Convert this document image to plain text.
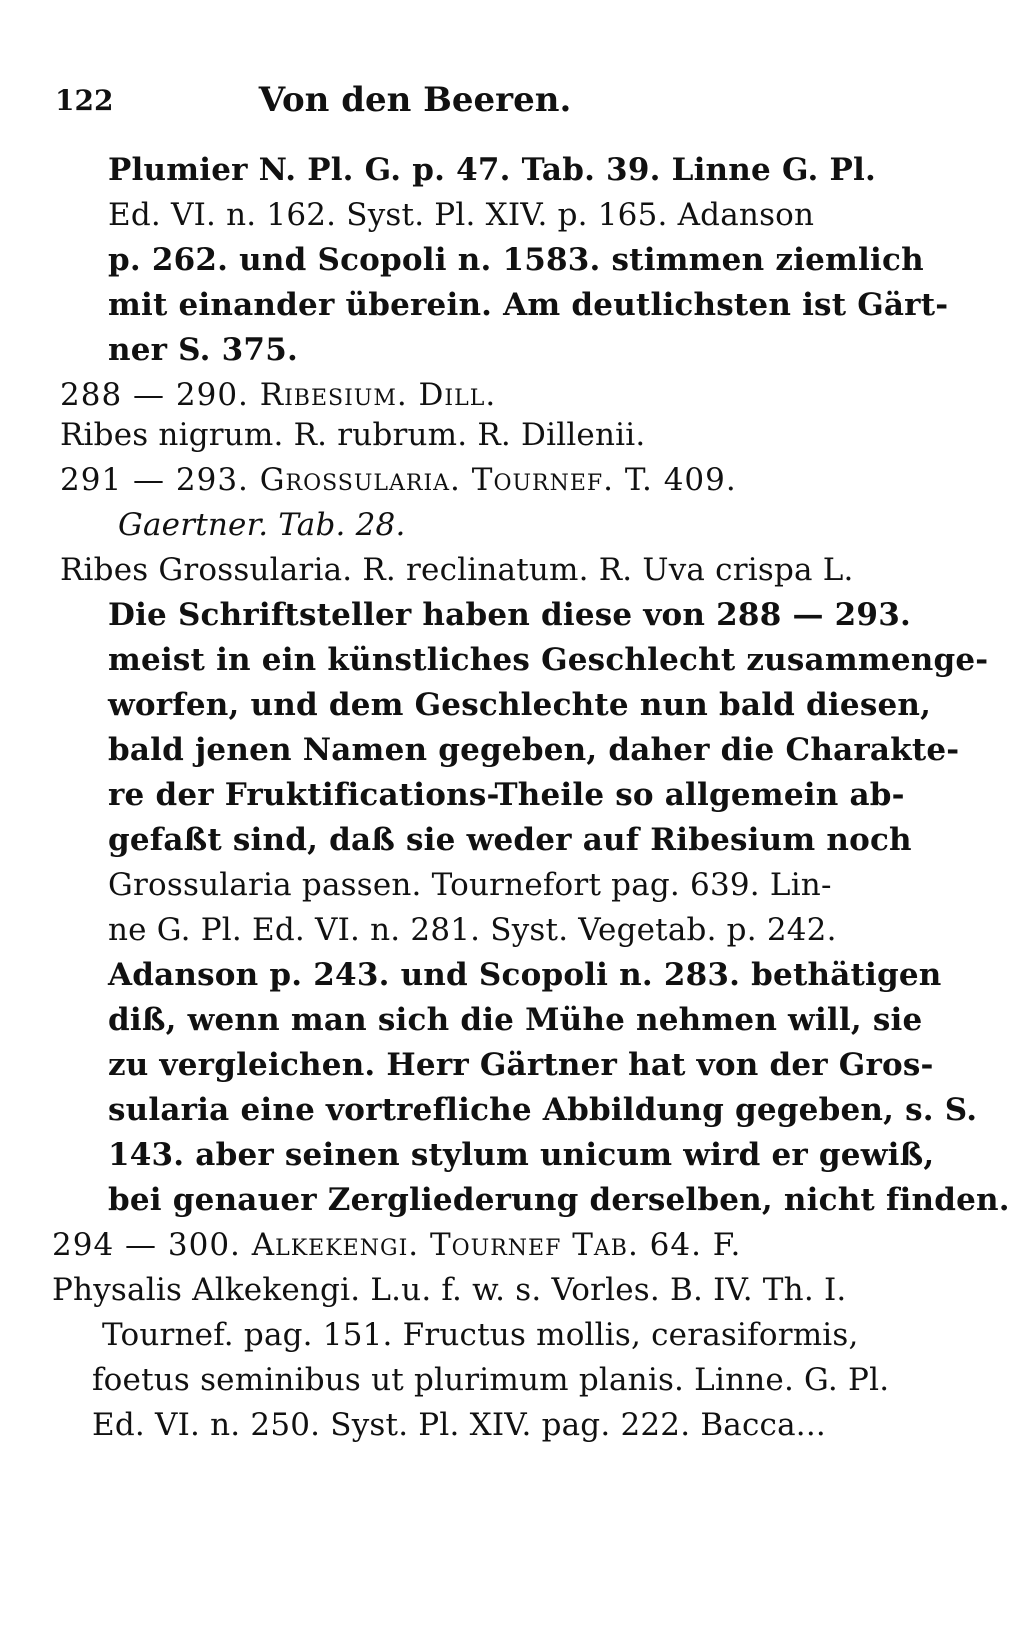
122	Von den Beeren.
Plumier N. Pl. G. p. 47. Tab. 39. Linne G. Pl.
Ed. VI. n. 162. Syst. Pl. XIV. p. 165. Adanson
p. 262. und Scopoli n. 1583. stimmen ziemlich
mit einander überein. Am deutlichsten ist Gärt-
ner S. 375.
288 — 290. Ribesium. Dill.
Ribes nigrum. R. rubrum. R. Dillenii.
291 — 293. Grossularia. Tournef. T. 409.
Gaertner. Tab. 28.
Ribes Grossularia. R. reclinatum. R. Uva crispa L.
Die Schriftsteller haben diese von 288 — 293.
meist in ein künstliches Geschlecht zusammenge-
worfen, und dem Geschlechte nun bald diesen,
bald jenen Namen gegeben, daher die Charakte-
re der Fruktifications-Theile so allgemein ab-
gefaßt sind, daß sie weder auf Ribesium noch
Grossularia passen. Tournefort pag. 639. Lin-
ne G. Pl. Ed. VI. n. 281. Syst. Vegetab. p. 242.
Adanson p. 243. und Scopoli n. 283. bethätigen
diß, wenn man sich die Mühe nehmen will, sie
zu vergleichen. Herr Gärtner hat von der Gros-
sularia eine vortrefliche Abbildung gegeben, s. S.
143. aber seinen stylum unicum wird er gewiß,
bei genauer Zergliederung derselben, nicht finden.
294 — 300. Alkekengi. Tournef Tab. 64. F.
Physalis Alkekengi. L.u. f. w. s. Vorles. B. IV. Th. I.
Tournef. pag. 151. Fructus mollis, cerasiformis,
foetus seminibus ut plurimum planis. Linne. G. Pl.
Ed. VI. n. 250. Syst. Pl. XIV. pag. 222. Bacca...
